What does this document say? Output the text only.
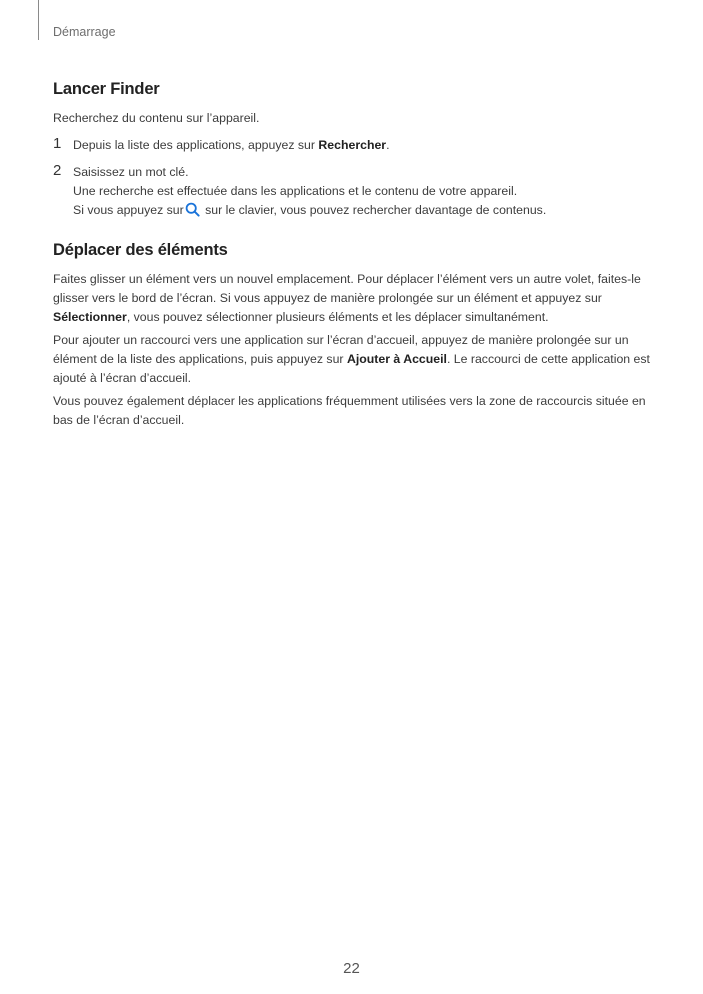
Démarrage
Lancer Finder

Recherchez du contenu sur l’appareil.

1 Depuis la liste des applications, appuyez sur Rechercher.

2 Saisissez un mot clé.

Une recherche est effectuée dans les applications et le contenu de votre appareil.

Si vous appuyez sur sur le clavier, vous pouvez rechercher davantage de contenus.

Déplacer des éléments

Faites glisser un élément vers un nouvel emplacement. Pour déplacer l’élément vers un autre volet, faites-le glisser vers le bord de l’écran. Si vous appuyez de manière prolongée sur un élément et appuyez sur Sélectionner, vous pouvez sélectionner plusieurs éléments et les déplacer simultanément.

Pour ajouter un raccourci vers une application sur l’écran d’accueil, appuyez de manière prolongée sur un élément de la liste des applications, puis appuyez sur Ajouter à Accueil. Le raccourci de cette application est ajouté à l’écran d’accueil.

Vous pouvez également déplacer les applications fréquemment utilisées vers la zone de raccourcis située en bas de l’écran d’accueil.

22
